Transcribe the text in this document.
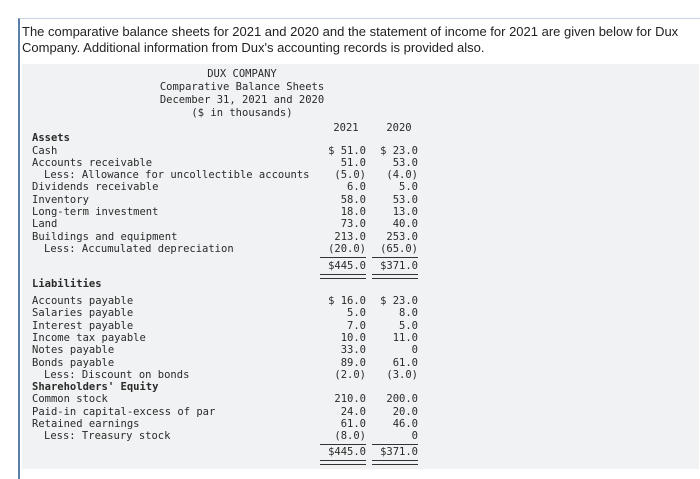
The comparative balance sheets for 2021 and 2020 and the statement of income for 2021 are given below for Dux Company. Additional information from Dux's accounting records is provided also.
DUX COMPANY
Comparative Balance Sheets
December 31, 2021 and 2020
($ in thousands)
2021	2020
Assets
Cash	$ 51.0	$ 23.0
Accounts receivable	51.0	53.0
Less: Allowance for uncollectible accounts	(5.0)	(4.0)
Dividends receivable	6.0	5.0
Inventory	58.0	53.0
Long-term investment	18.0	13.0
Land	73.0	40.0
Buildings and equipment	213.0	253.0
Less: Accumulated depreciation	(20.0)	(65.0)
$445.0	$371.0
Liabilities
Accounts payable	$ 16.0	$ 23.0
Salaries payable	5.0	8.0
Interest payable	7.0	5.0
Income tax payable	10.0	11.0
Notes payable	33.0	0
Bonds payable	89.0	61.0
Less: Discount on bonds	(2.0)	(3.0)
Shareholders' Equity
Common stock	210.0	200.0
Paid-in capital-excess of par	24.0	20.0
Retained earnings	61.0	46.0
Less: Treasury stock	(8.0)	0
$445.0	$371.0
